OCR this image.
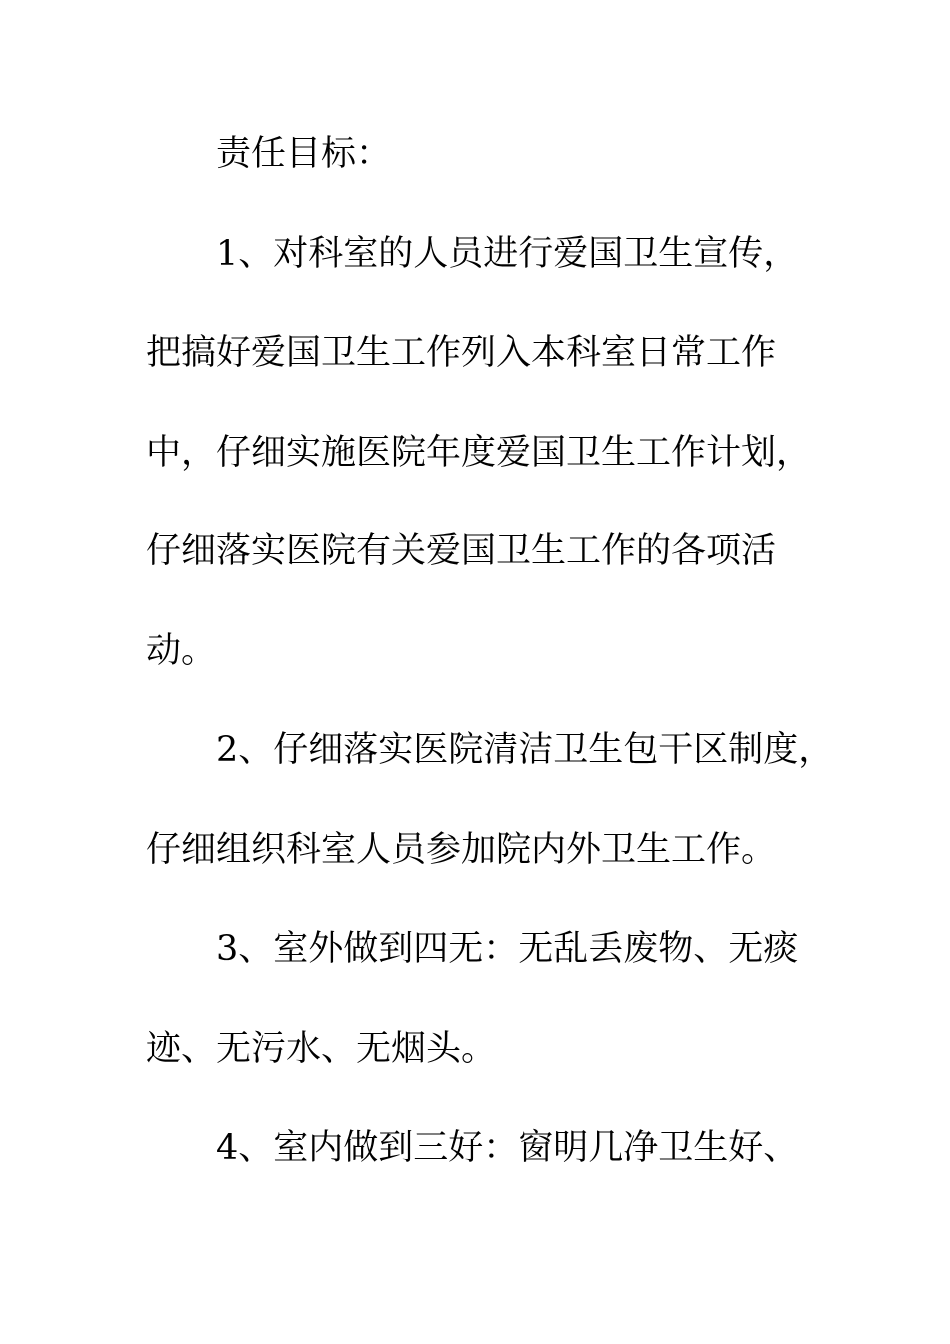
责任目标：
1、对科室的人员进行爱国卫生宣传，
把搞好爱国卫生工作列入本科室日常工作
中，仔细实施医院年度爱国卫生工作计划，
仔细落实医院有关爱国卫生工作的各项活
动。
2、仔细落实医院清洁卫生包干区制度，
仔细组织科室人员参加院内外卫生工作。
3、室外做到四无：无乱丢废物、无痰
迹、无污水、无烟头。
4、室内做到三好：窗明几净卫生好、
